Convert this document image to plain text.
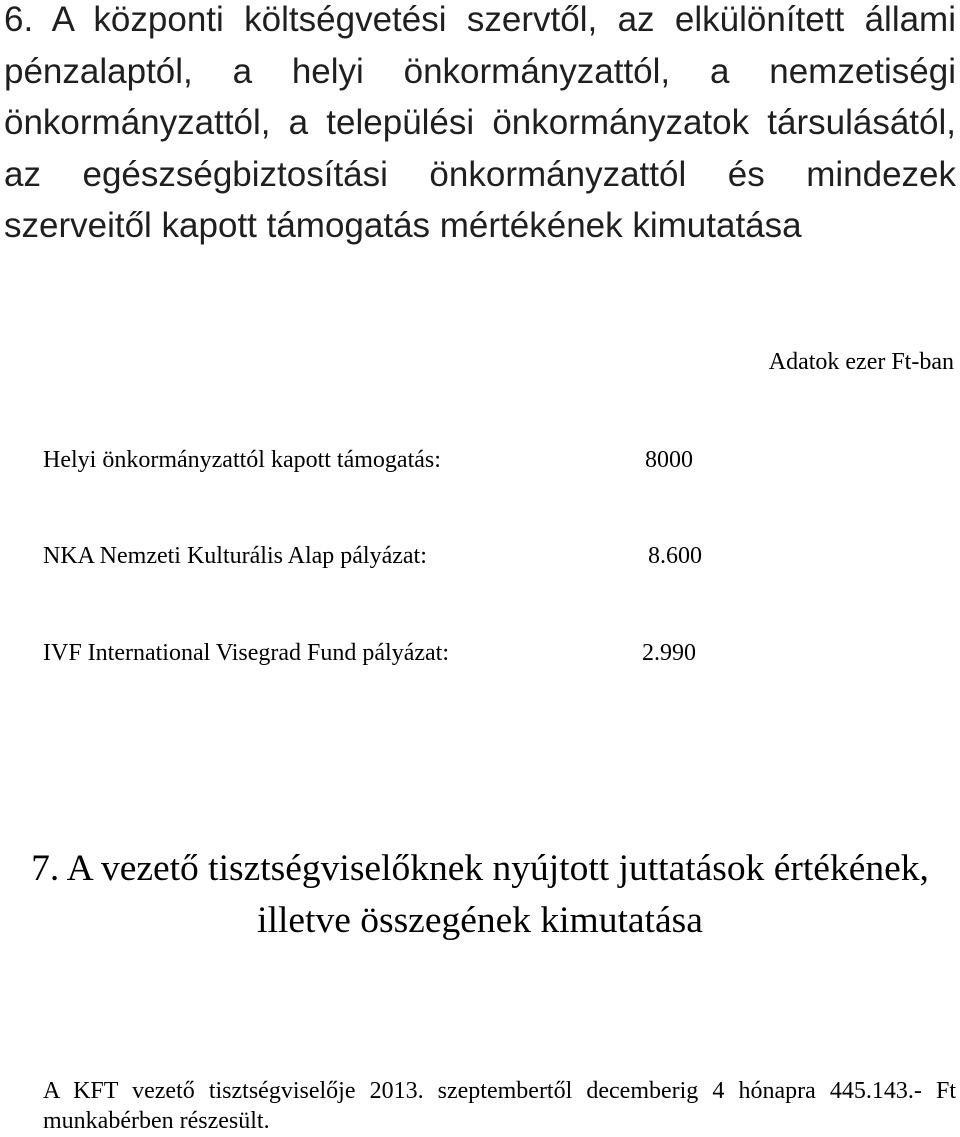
6. A központi költségvetési szervtől, az elkülönített állami pénzalaptól, a helyi önkormányzattól, a nemzetiségi önkormányzattól, a települési önkormányzatok társulásától, az egészségbiztosítási önkormányzattól és mindezek szerveitől kapott támogatás mértékének kimutatása
Adatok ezer Ft-ban
Helyi önkormányzattól kapott támogatás:	8000
NKA Nemzeti Kulturális Alap pályázat:	8.600
IVF International Visegrad Fund pályázat:	2.990
7. A vezető tisztségviselőknek nyújtott juttatások értékének, illetve összegének kimutatása

A KFT vezető tisztségviselője 2013. szeptembertől decemberig 4 hónapra 445.143.- Ft munkabérben részesült.
